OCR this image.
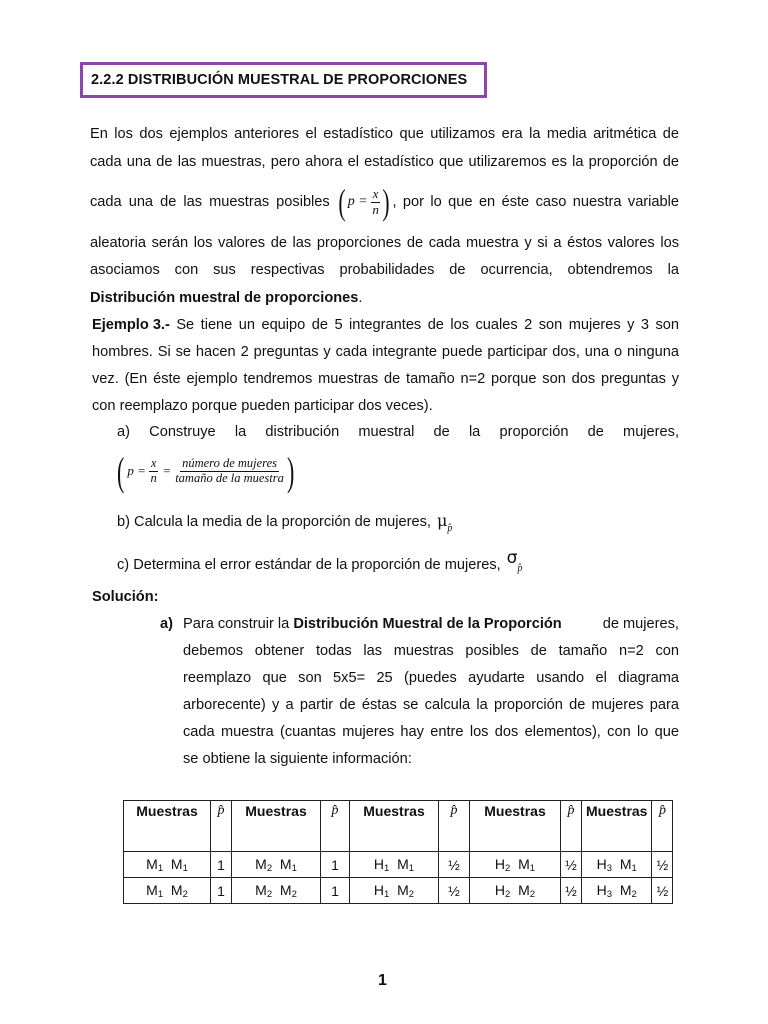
2.2.2 DISTRIBUCIÓN MUESTRAL DE PROPORCIONES
En los dos ejemplos anteriores el estadístico que utilizamos era la media aritmética de
cada una de las muestras, pero ahora el estadístico que utilizaremos es la proporción de
cada una de las muestras posibles ( $p = \frac{x}{n}$ ) , por lo que en éste caso nuestra variable
aleatoria serán los valores de las proporciones de cada muestra y si a éstos valores los
asociamos con sus respectivas probabilidades de ocurrencia, obtendremos la
Distribución muestral de proporciones.
Ejemplo 3.- Se tiene un equipo de 5 integrantes de los cuales 2 son mujeres y 3 son
hombres. Si se hacen 2 preguntas y cada integrante puede participar dos, una o ninguna
vez. (En éste ejemplo tendremos muestras de tamaño n=2 porque son dos preguntas y
con reemplazo porque pueden participar dos veces).
a)   Construye   la   distribución   muestral   de   la   proporción   de   mujeres,
( $p = \frac{x}{n} = \frac{\text{número de mujeres}}{\text{tamaño de la muestra}}$ )
b) Calcula la media de la proporción de mujeres, $\mu_{p̂}$
c) Determina el error estándar de la proporción de mujeres, $\sigma_{p̂}$
Solución:
a) Para construir la Distribución Muestral de la Proporción	de mujeres,
debemos obtener todas las muestras posibles de tamaño n=2 con
reemplazo que son 5x5= 25 (puedes ayudarte usando el diagrama
arborecente) y a partir de éstas se calcula la proporción de mujeres para
cada muestra (cuantas mujeres hay entre los dos elementos), con lo que
se obtiene la siguiente información:
Muestras	p̂	Muestras	p̂	Muestras	p̂	Muestras	p̂	Muestras	p̂
$M_1$ $M_1$	1	$M_2$ $M_1$	1	$H_1$ $M_1$	½	$H_2$ $M_1$	½	$H_3$ $M_1$	½
$M_1$ $M_2$	1	$M_2$ $M_2$	1	$H_1$ $M_2$	½	$H_2$ $M_2$	½	$H_3$ $M_2$	½
1
